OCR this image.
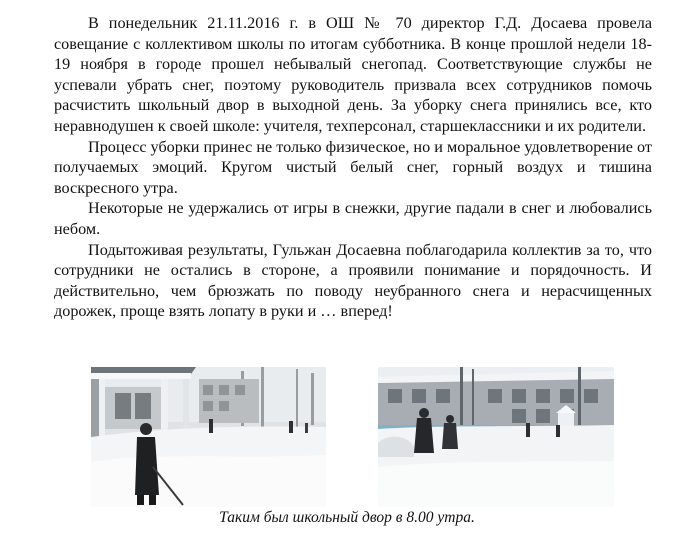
В понедельник 21.11.2016 г. в ОШ № 70 директор Г.Д. Досаева провела совещание с коллективом школы по итогам субботника. В конце прошлой недели 18-19 ноября в городе прошел небывалый снегопад. Соответствующие службы не успевали убрать снег, поэтому руководитель призвала всех сотрудников помочь расчистить школьный двор в выходной день. За уборку снега принялись все, кто неравнодушен к своей школе: учителя, техперсонал, старшеклассники и их родители.

Процесс уборки принес не только физическое, но и моральное удовлетворение от получаемых эмоций. Кругом чистый белый снег, горный воздух и тишина воскресного утра.

Некоторые не удержались от игры в снежки, другие падали в снег и любовались небом.

Подытоживая результаты, Гульжан Досаевна поблагодарила коллектив за то, что сотрудники не остались в стороне, а проявили понимание и порядочность. И действительно, чем брюзжать по поводу неубранного снега и нерасчищенных дорожек, проще взять лопату в руки и … вперед!

Таким был школьный двор в 8.00 утра.
